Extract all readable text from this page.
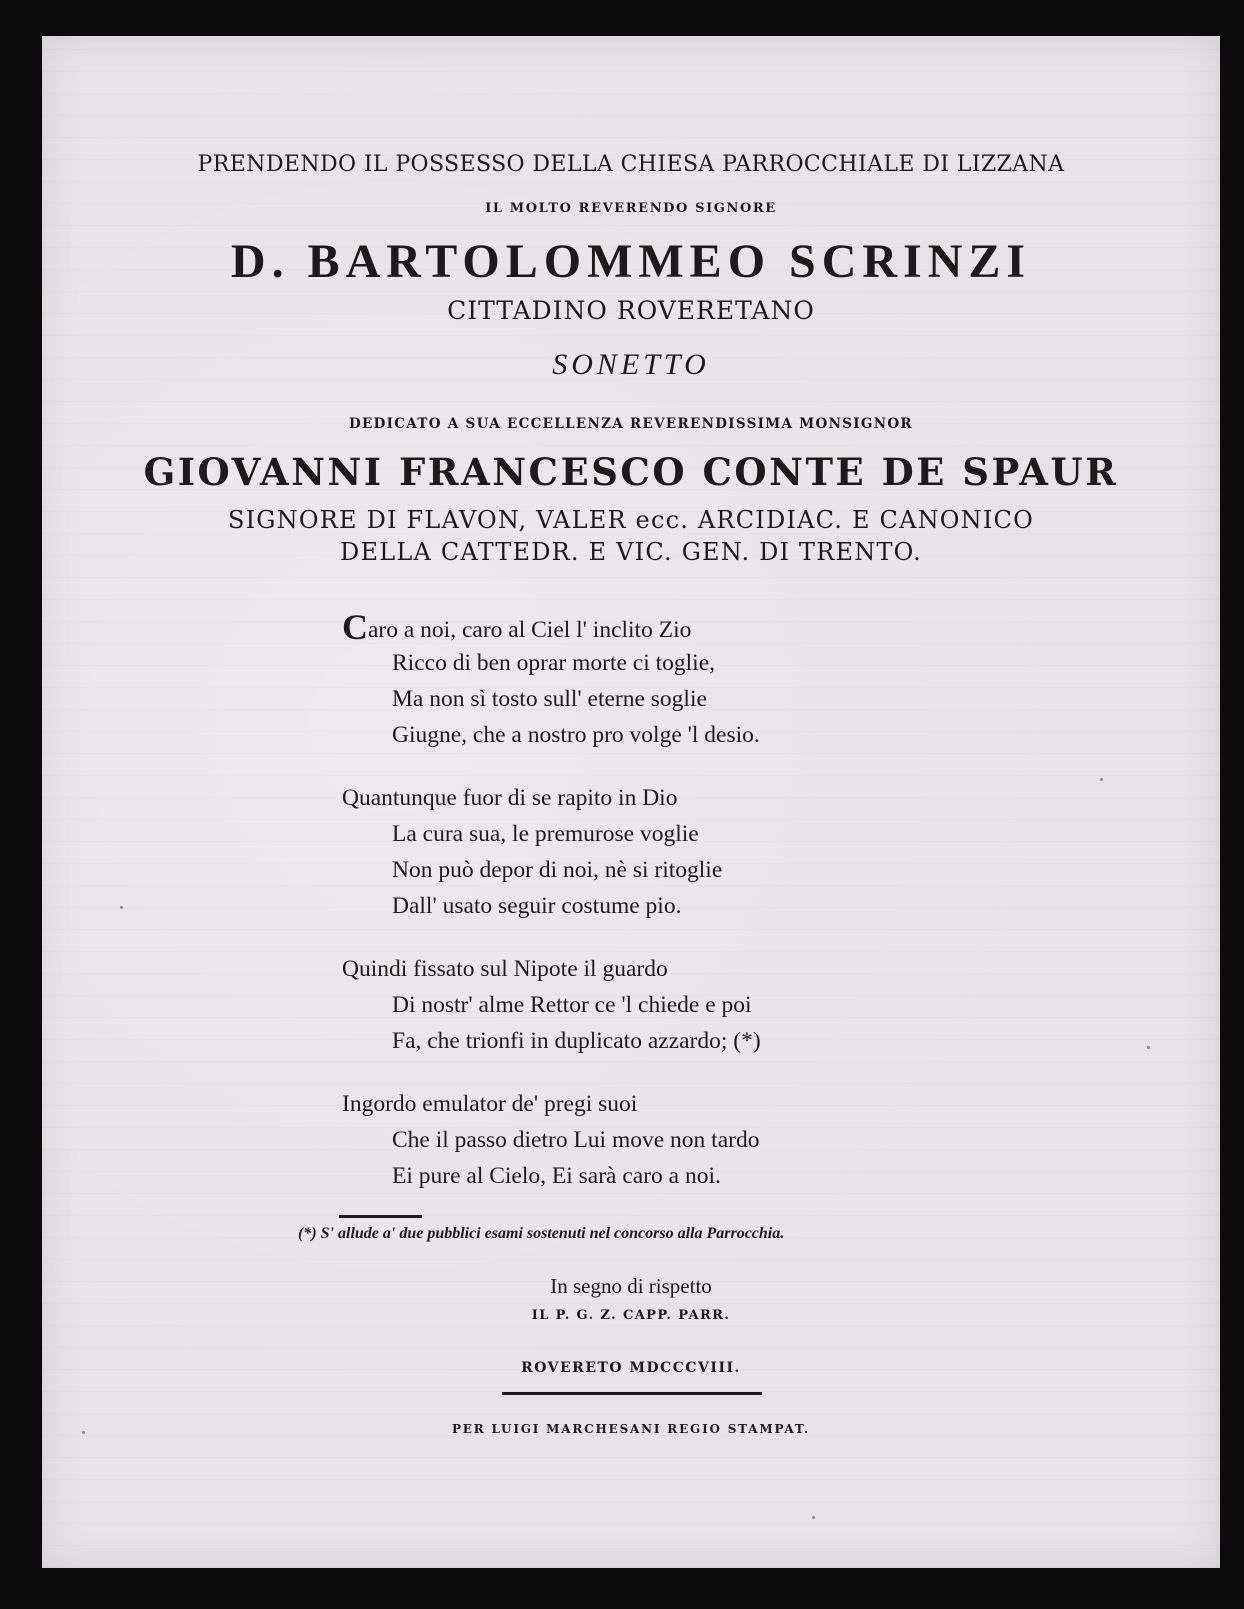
PRENDENDO IL POSSESSO DELLA CHIESA PARROCCHIALE DI LIZZANA
IL MOLTO REVERENDO SIGNORE
D. BARTOLOMMEO SCRINZI
CITTADINO ROVERETANO
SONETTO
DEDICATO A SUA ECCELLENZA REVERENDISSIMA MONSIGNOR
GIOVANNI FRANCESCO CONTE DE SPAUR
SIGNORE DI FLAVON, VALER ecc. ARCIDIAC. E CANONICO
DELLA CATTEDR. E VIC. GEN. DI TRENTO.
Caro a noi, caro al Ciel l' inclito Zio
Ricco di ben oprar morte ci toglie,
Ma non sì tosto sull' eterne soglie
Giugne, che a nostro pro volge 'l desio.
Quantunque fuor di se rapito in Dio
La cura sua, le premurose voglie
Non può depor di noi, nè si ritoglie
Dall' usato seguir costume pio.
Quindi fissato sul Nipote il guardo
Di nostr' alme Rettor ce 'l chiede e poi
Fa, che trionfi in duplicato azzardo; (*)
Ingordo emulator de' pregi suoi
Che il passo dietro Lui move non tardo
Ei pure al Cielo, Ei sarà caro a noi.
(*) S' allude a' due pubblici esami sostenuti nel concorso alla Parrocchia.
In segno di rispetto
IL P. G. Z. CAPP. PARR.
ROVERETO MDCCCVIII.
PER LUIGI MARCHESANI REGIO STAMPAT.
